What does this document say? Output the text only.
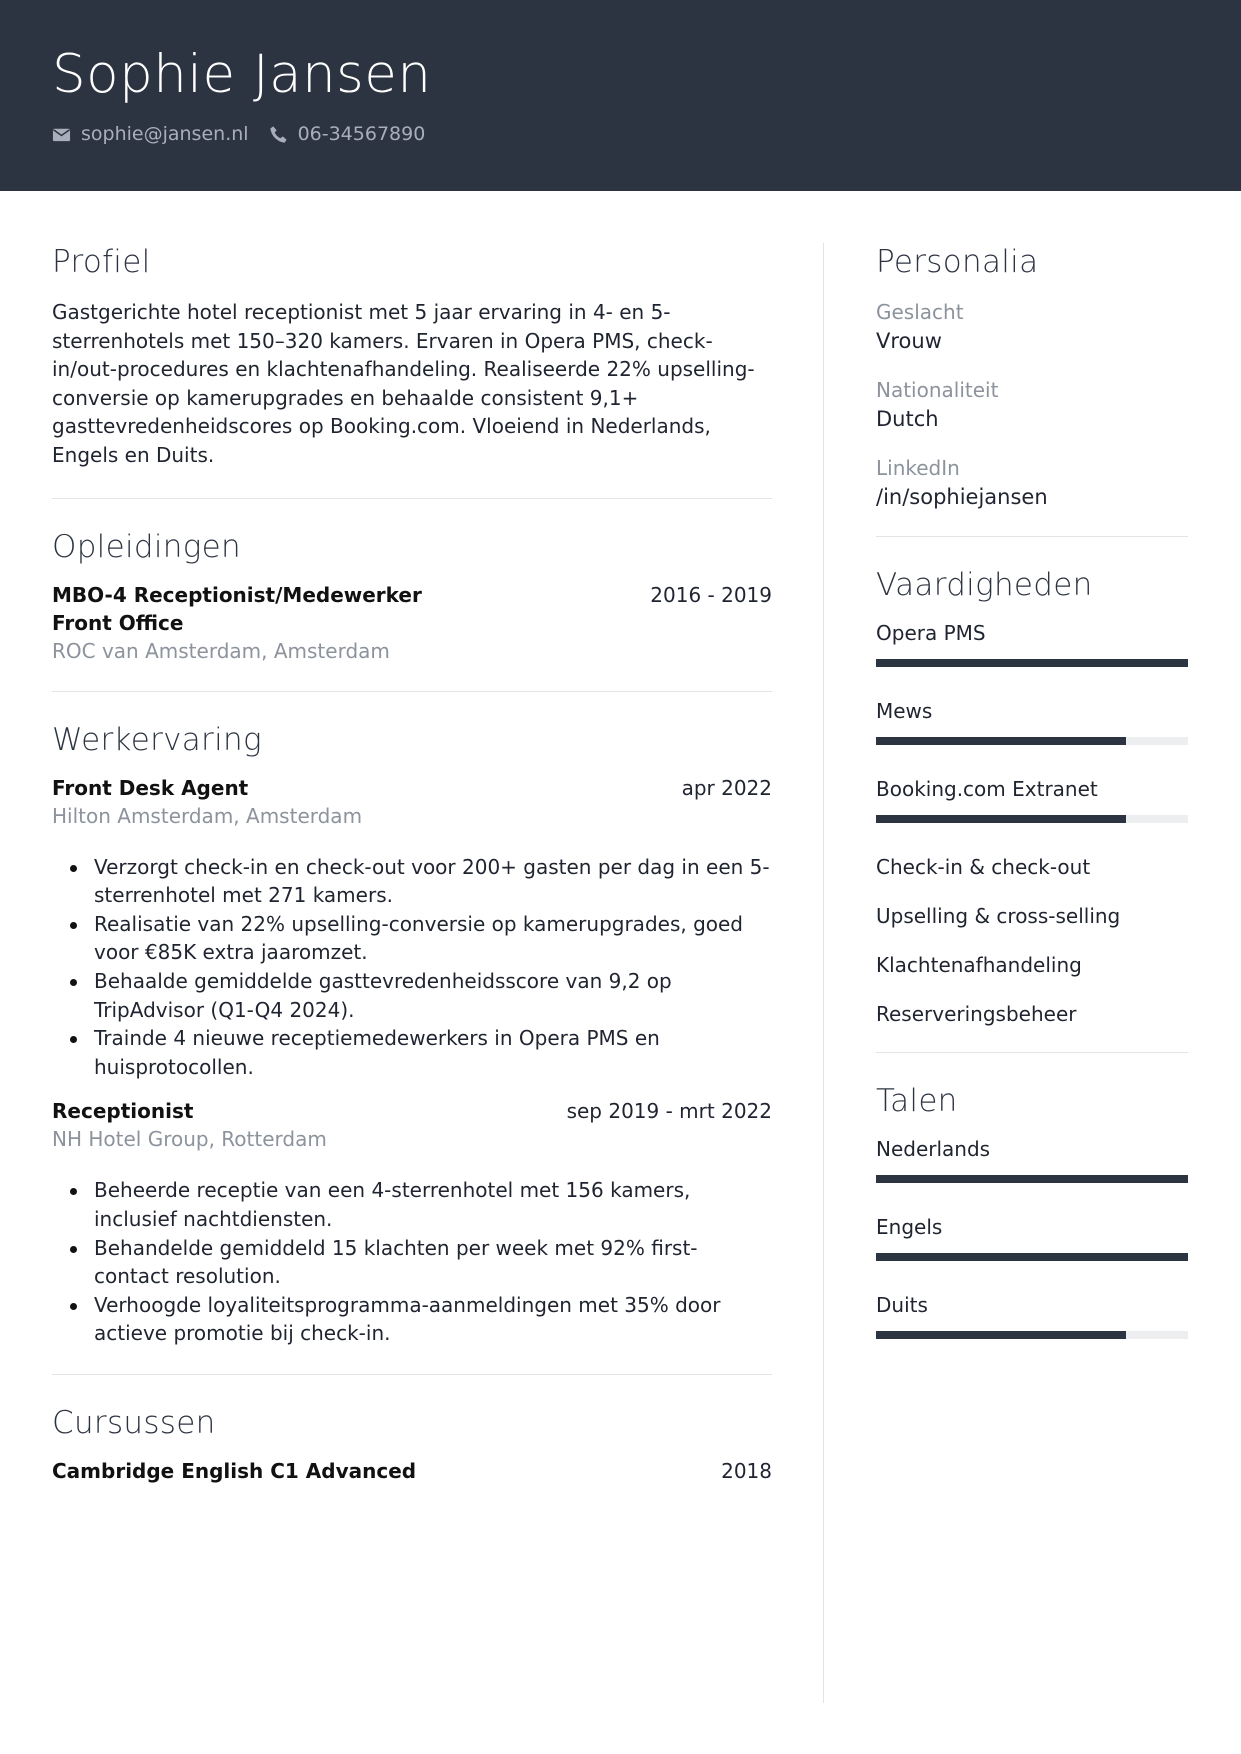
Sophie Jansen
sophie@jansen.nl	06-34567890
Profiel
Gastgerichte hotel receptionist met 5 jaar ervaring in 4- en 5-sterrenhotels met 150–320 kamers. Ervaren in Opera PMS, check-in/out-procedures en klachtenafhandeling. Realiseerde 22% upselling-conversie op kamerupgrades en behaalde consistent 9,1+ gasttevredenheidscores op Booking.com. Vloeiend in Nederlands, Engels en Duits.
Opleidingen
MBO-4 Receptionist/Medewerker Front Office
2016 - 2019
ROC van Amsterdam, Amsterdam
Werkervaring
Front Desk Agent	apr 2022
Hilton Amsterdam, Amsterdam
Verzorgt check-in en check-out voor 200+ gasten per dag in een 5-sterrenhotel met 271 kamers.
Realisatie van 22% upselling-conversie op kamerupgrades, goed voor €85K extra jaaromzet.
Behaalde gemiddelde gasttevredenheidsscore van 9,2 op TripAdvisor (Q1-Q4 2024).
Trainde 4 nieuwe receptiemedewerkers in Opera PMS en huisprotocollen.
Receptionist	sep 2019 - mrt 2022
NH Hotel Group, Rotterdam
Beheerde receptie van een 4-sterrenhotel met 156 kamers, inclusief nachtdiensten.
Behandelde gemiddeld 15 klachten per week met 92% first-contact resolution.
Verhoogde loyaliteitsprogramma-aanmeldingen met 35% door actieve promotie bij check-in.
Cursussen
Cambridge English C1 Advanced	2018
Personalia
Geslacht
Vrouw
Nationaliteit
Dutch
LinkedIn
/in/sophiejansen
Vaardigheden
Opera PMS
Mews
Booking.com Extranet
Check-in & check-out
Upselling & cross-selling
Klachtenafhandeling
Reserveringsbeheer
Talen
Nederlands
Engels
Duits
